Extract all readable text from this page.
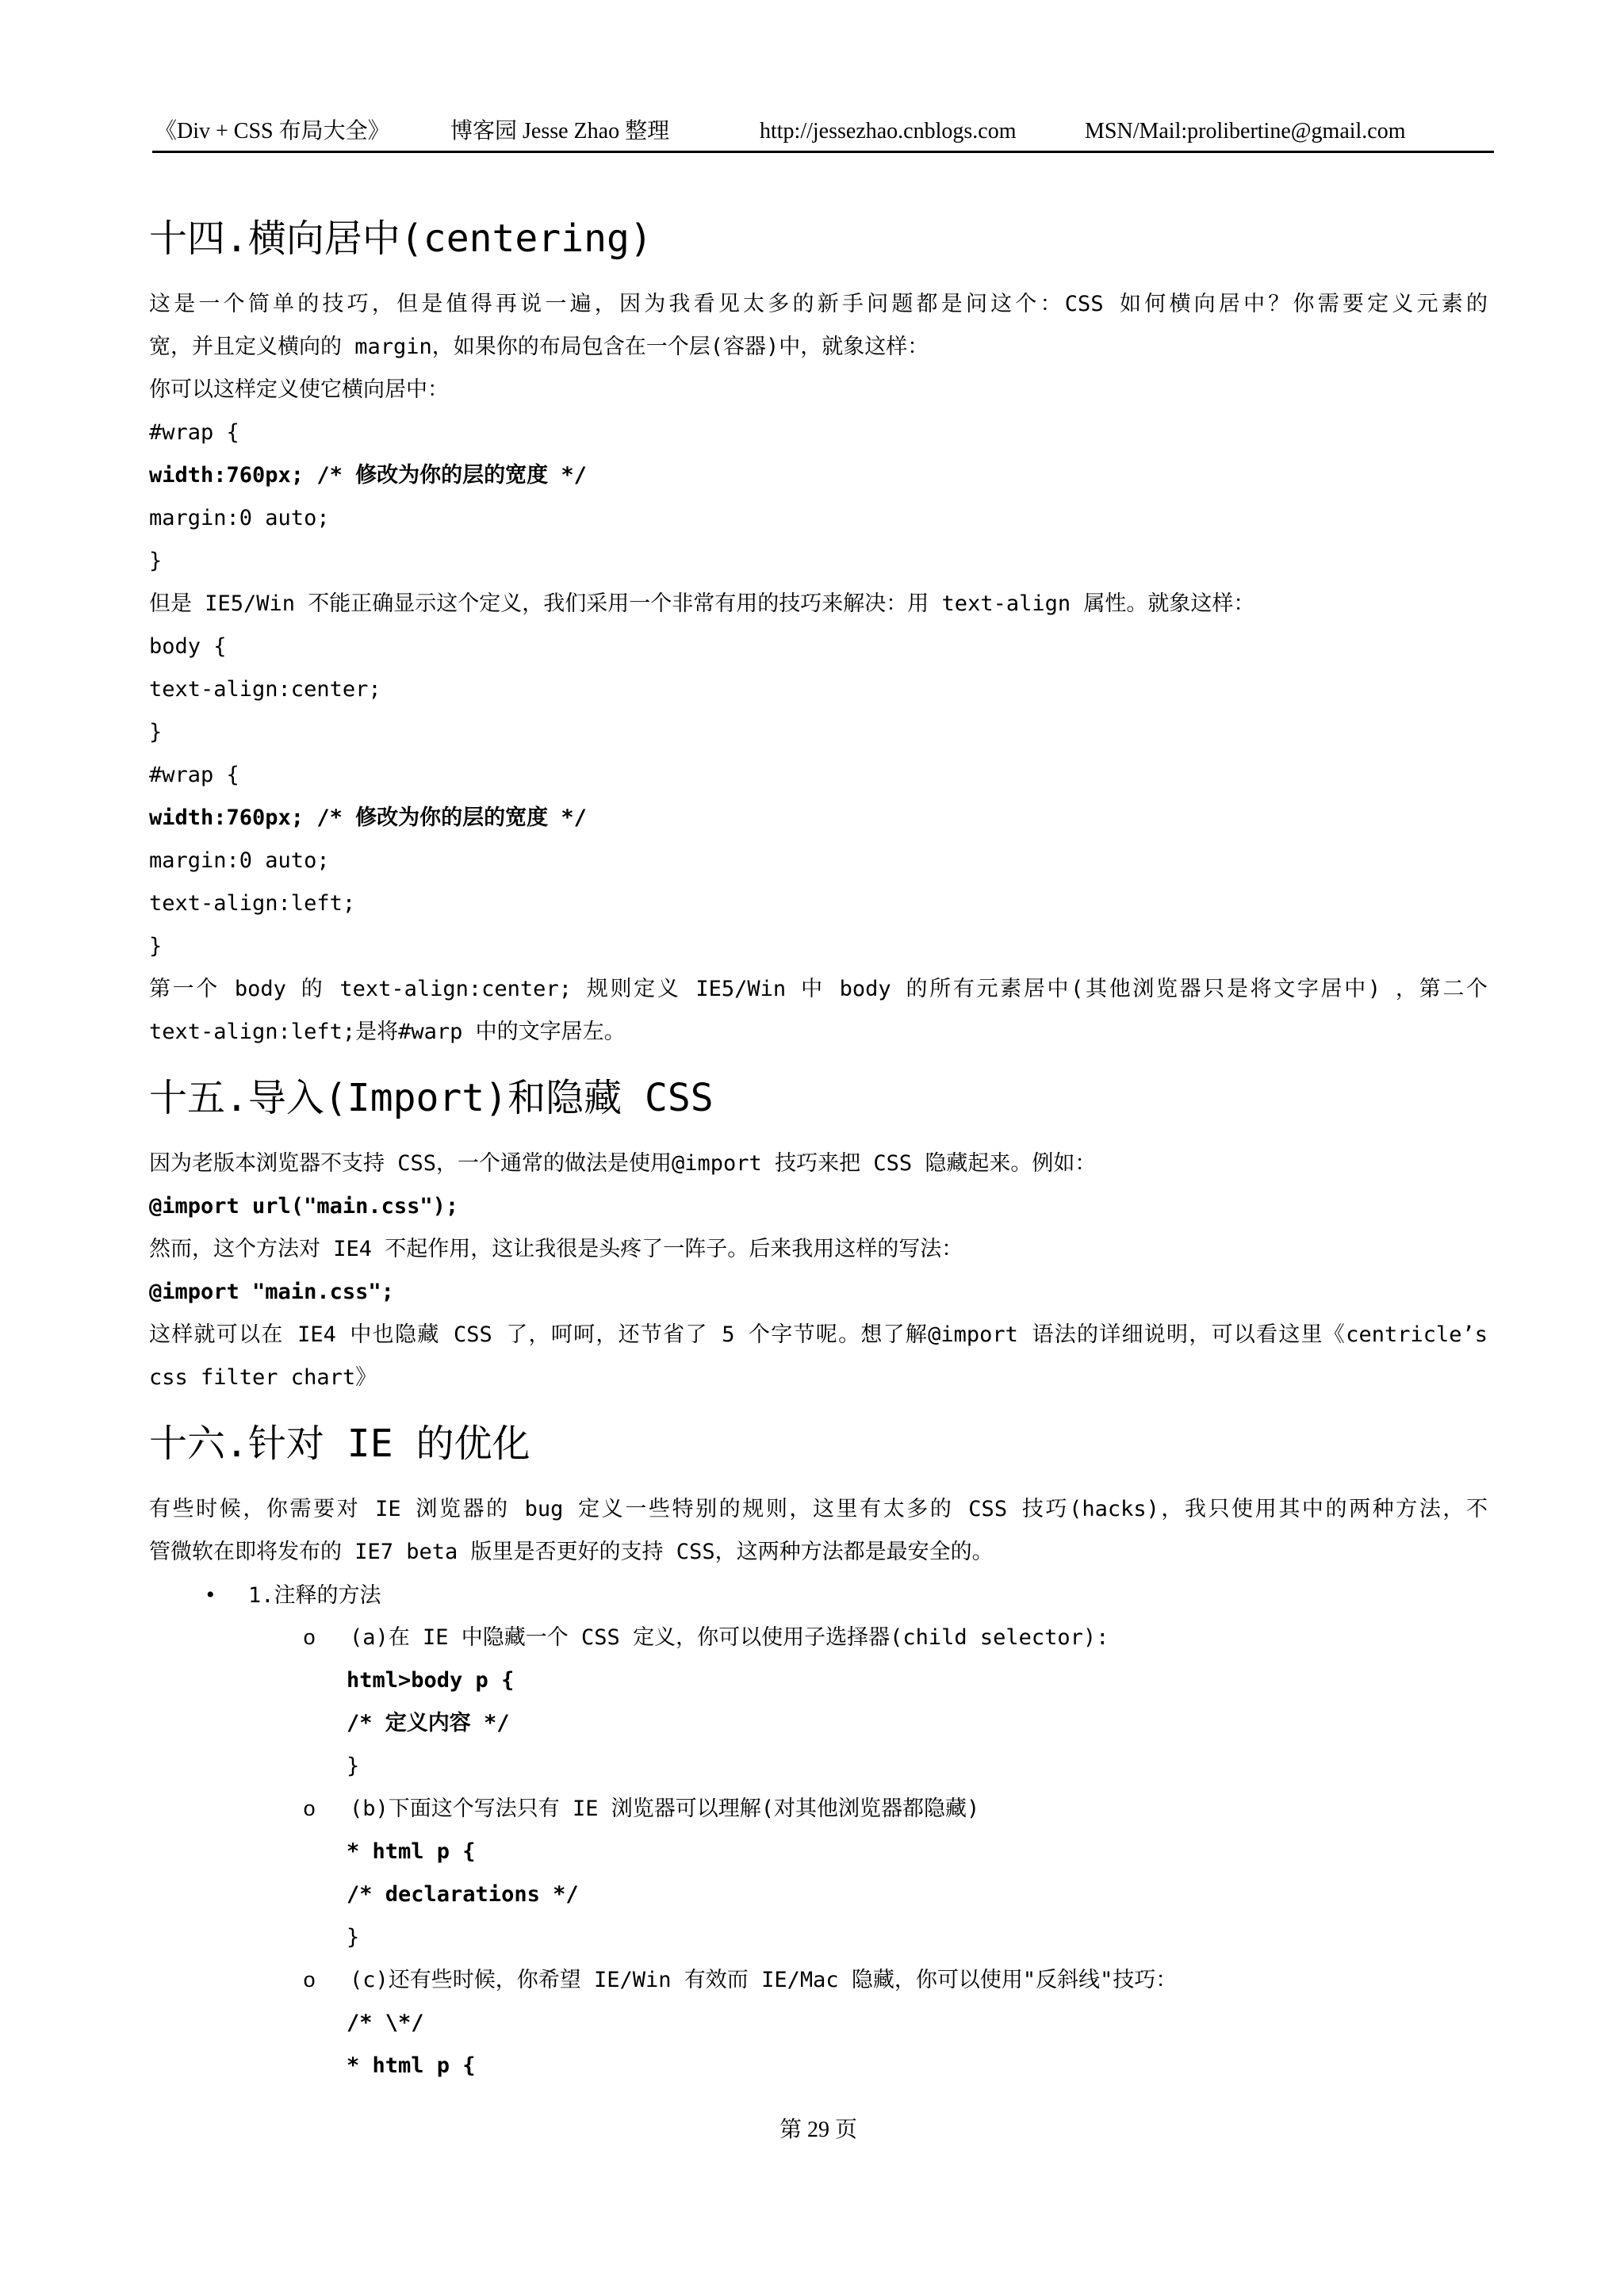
《Div + CSS 布局大全》	博客园 Jesse Zhao 整理	http://jessezhao.cnblogs.com	MSN/Mail:prolibertine@gmail.com
十四.横向居中(centering)
这是一个简单的技巧，但是值得再说一遍，因为我看见太多的新手问题都是问这个：CSS 如何横向居中？你需要定义元素的
宽，并且定义横向的 margin，如果你的布局包含在一个层(容器)中，就象这样：
你可以这样定义使它横向居中：
#wrap {
width:760px; /* 修改为你的层的宽度 */
margin:0 auto;
}
但是 IE5/Win 不能正确显示这个定义，我们采用一个非常有用的技巧来解决：用 text-align 属性。就象这样：
body {
text-align:center;
}
#wrap {
width:760px; /* 修改为你的层的宽度 */
margin:0 auto;
text-align:left;
}
第一个 body 的 text-align:center; 规则定义 IE5/Win 中 body 的所有元素居中(其他浏览器只是将文字居中) ，第二个
text-align:left;是将#warp 中的文字居左。
十五.导入(Import)和隐藏 CSS
因为老版本浏览器不支持 CSS，一个通常的做法是使用@import 技巧来把 CSS 隐藏起来。例如：
@import url("main.css");
然而，这个方法对 IE4 不起作用，这让我很是头疼了一阵子。后来我用这样的写法：
@import "main.css";
这样就可以在 IE4 中也隐藏 CSS 了，呵呵，还节省了 5 个字节呢。想了解@import 语法的详细说明，可以看这里《centricle’s
css filter chart》
十六.针对 IE 的优化
有些时候，你需要对 IE 浏览器的 bug 定义一些特别的规则，这里有太多的 CSS 技巧(hacks)，我只使用其中的两种方法，不
管微软在即将发布的 IE7 beta 版里是否更好的支持 CSS，这两种方法都是最安全的。
• 1.注释的方法
o (a)在 IE 中隐藏一个 CSS 定义，你可以使用子选择器(child selector):
html>body p {
/* 定义内容 */
}
o (b)下面这个写法只有 IE 浏览器可以理解(对其他浏览器都隐藏)
* html p {
/* declarations */
}
o (c)还有些时候，你希望 IE/Win 有效而 IE/Mac 隐藏，你可以使用"反斜线"技巧：
/* \*/
* html p {
第 29 页
